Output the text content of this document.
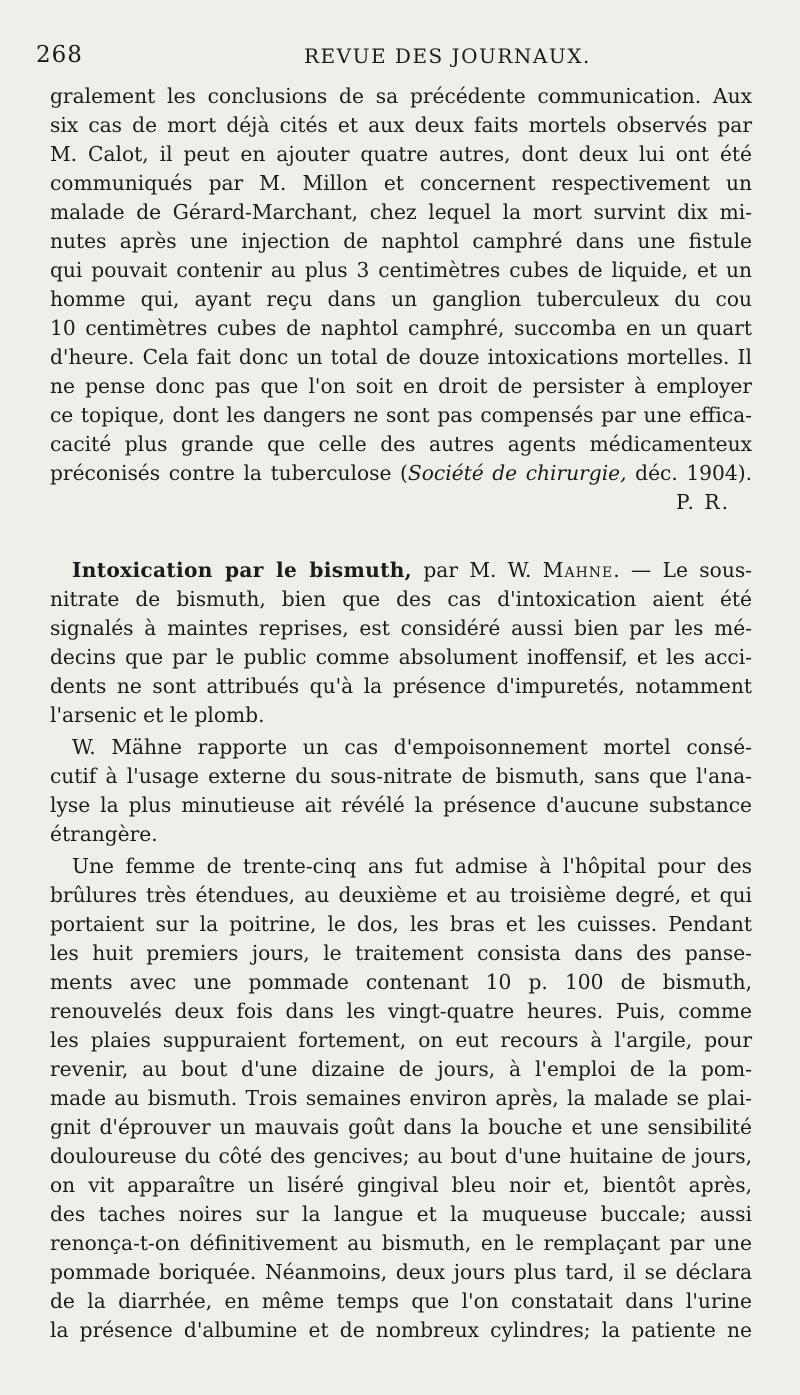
268	REVUE DES JOURNAUX.
gralement les conclusions de sa précédente communication. Aux
six cas de mort déjà cités et aux deux faits mortels observés par
M. Calot, il peut en ajouter quatre autres, dont deux lui ont été
communiqués par M. Millon et concernent respectivement un
malade de Gérard-Marchant, chez lequel la mort survint dix mi-
nutes après une injection de naphtol camphré dans une fistule
qui pouvait contenir au plus 3 centimètres cubes de liquide, et un
homme qui, ayant reçu dans un ganglion tuberculeux du cou
10 centimètres cubes de naphtol camphré, succomba en un quart
d'heure. Cela fait donc un total de douze intoxications mortelles. Il
ne pense donc pas que l'on soit en droit de persister à employer
ce topique, dont les dangers ne sont pas compensés par une effica-
cacité plus grande que celle des autres agents médicamenteux
préconisés contre la tuberculose (Société de chirurgie, déc. 1904).
P. R.
Intoxication par le bismuth, par M. W. Mahne. — Le sous-
nitrate de bismuth, bien que des cas d'intoxication aient été
signalés à maintes reprises, est considéré aussi bien par les mé-
decins que par le public comme absolument inoffensif, et les acci-
dents ne sont attribués qu'à la présence d'impuretés, notamment
l'arsenic et le plomb.
W. Mähne rapporte un cas d'empoisonnement mortel consé-
cutif à l'usage externe du sous-nitrate de bismuth, sans que l'ana-
lyse la plus minutieuse ait révélé la présence d'aucune substance
étrangère.
Une femme de trente-cinq ans fut admise à l'hôpital pour des
brûlures très étendues, au deuxième et au troisième degré, et qui
portaient sur la poitrine, le dos, les bras et les cuisses. Pendant
les huit premiers jours, le traitement consista dans des panse-
ments avec une pommade contenant 10 p. 100 de bismuth,
renouvelés deux fois dans les vingt-quatre heures. Puis, comme
les plaies suppuraient fortement, on eut recours à l'argile, pour
revenir, au bout d'une dizaine de jours, à l'emploi de la pom-
made au bismuth. Trois semaines environ après, la malade se plai-
gnit d'éprouver un mauvais goût dans la bouche et une sensibilité
douloureuse du côté des gencives; au bout d'une huitaine de jours,
on vit apparaître un liséré gingival bleu noir et, bientôt après,
des taches noires sur la langue et la muqueuse buccale; aussi
renonça-t-on définitivement au bismuth, en le remplaçant par une
pommade boriquée. Néanmoins, deux jours plus tard, il se déclara
de la diarrhée, en même temps que l'on constatait dans l'urine
la présence d'albumine et de nombreux cylindres; la patiente ne
